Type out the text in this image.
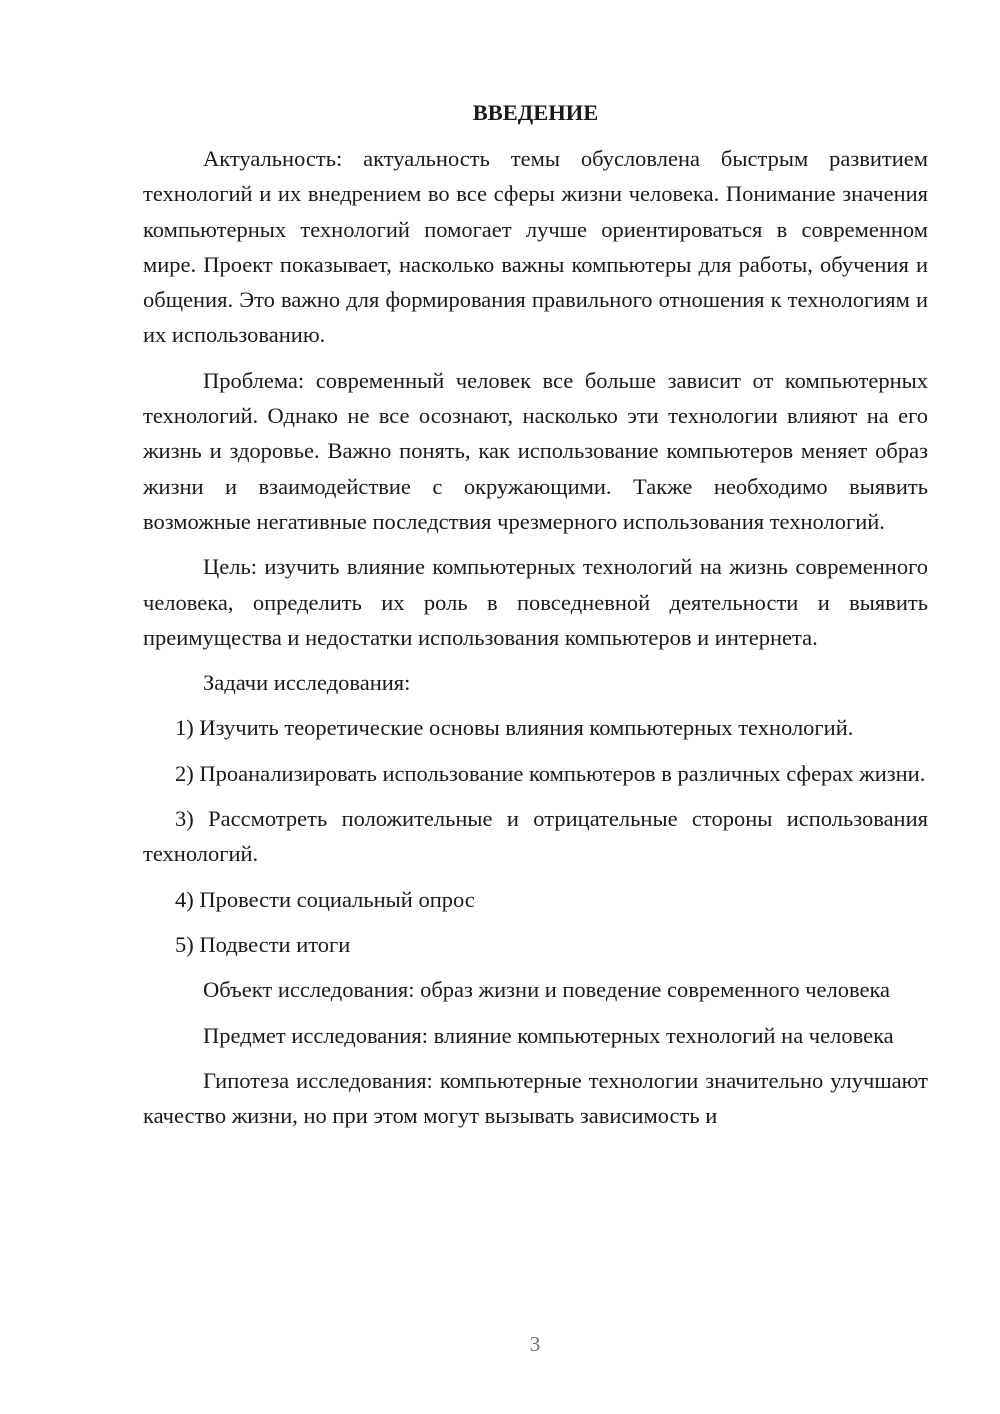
ВВЕДЕНИЕ

Актуальность: актуальность темы обусловлена быстрым развитием технологий и их внедрением во все сферы жизни человека. Понимание значения компьютерных технологий помогает лучше ориентироваться в современном мире. Проект показывает, насколько важны компьютеры для работы, обучения и общения. Это важно для формирования правильного отношения к технологиям и их использованию.

Проблема: современный человек все больше зависит от компьютерных технологий. Однако не все осознают, насколько эти технологии влияют на его жизнь и здоровье. Важно понять, как использование компьютеров меняет образ жизни и взаимодействие с окружающими. Также необходимо выявить возможные негативные последствия чрезмерного использования технологий.

Цель: изучить влияние компьютерных технологий на жизнь современного человека, определить их роль в повседневной деятельности и выявить преимущества и недостатки использования компьютеров и интернета.

Задачи исследования:

1) Изучить теоретические основы влияния компьютерных технологий.

2) Проанализировать использование компьютеров в различных сферах жизни.

3) Рассмотреть положительные и отрицательные стороны использования технологий.

4) Провести социальный опрос

5) Подвести итоги

Объект исследования: образ жизни и поведение современного человека

Предмет исследования: влияние компьютерных технологий на человека

Гипотеза исследования: компьютерные технологии значительно улучшают качество жизни, но при этом могут вызывать зависимость и

3
